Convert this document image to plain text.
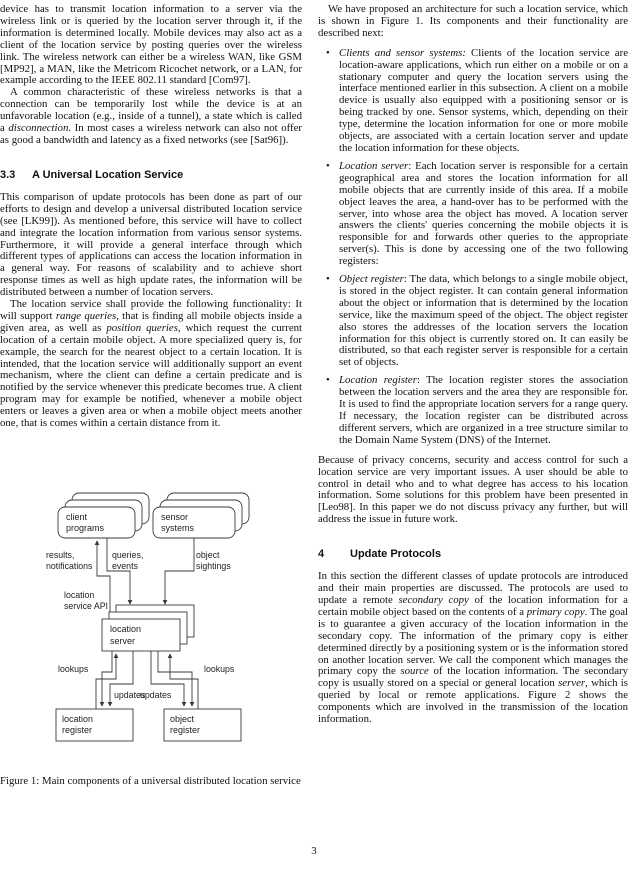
device has to transmit location information to a server via the wireless link or is queried by the location server through it, if the information is determined locally. Mobile devices may also act as a client of the location service by posting queries over the wireless link. The wireless network can either be a wireless WAN, like GSM [MP92], a MAN, like the Metricom Ricochet network, or a LAN, for example according to the IEEE 802.11 standard [Com97].

A common characteristic of these wireless networks is that a connection can be temporarily lost while the device is at an unfavorable location (e.g., inside of a tunnel), a state which is called a disconnection. In most cases a wireless network can also not offer as good a bandwidth and latency as a fixed networks (see [Sat96]).

3.3 A Universal Location Service

This comparison of update protocols has been done as part of our efforts to design and develop a universal distributed location service (see [LK99]). As mentioned before, this service will have to collect and integrate the location information from various sensor systems. Furthermore, it will provide a general interface through which different types of applications can access the location information in a general way. For reasons of scalability and to achieve short response times as well as high update rates, the information will be distributed between a number of location servers.

The location service shall provide the following functionality: It will support range queries, that is finding all mobile objects inside a given area, as well as position queries, which request the current location of a certain mobile object. A more specialized query is, for example, the search for the nearest object to a certain location. It is intended, that the location service will additionally support an event mechanism, where the client can define a certain predicate and is notified by the service whenever this predicate becomes true. A client program may for example be notified, whenever a mobile object enters or leaves a given area or when a mobile object meets another one, that is comes within a certain distance from it.

client
programs
sensor
systems
results,
notifications
queries,
events
object
sightings
location
service API
location
server
lookups	lookups
updates
updates
location
register
object
register
Figure 1: Main components of a universal distributed location service

We have proposed an architecture for such a location service, which is shown in Figure 1. Its components and their functionality are described next:

• Clients and sensor systems: Clients of the location service are location-aware applications, which run either on a mobile or on a stationary computer and query the location servers using the interface mentioned earlier in this subsection. A client on a mobile device is usually also equipped with a positioning sensor or is being tracked by one. Sensor systems, which, depending on their type, determine the location information for one or more mobile objects, are associated with a certain location server and update the location information for these objects.
• Location server: Each location server is responsible for a certain geographical area and stores the location information for all mobile objects that are currently inside of this area. If a mobile object leaves the area, a hand-over has to be performed with the server, into whose area the object has moved. A location server answers the clients' queries concerning the mobile objects it is responsible for and forwards other queries to the appropriate server(s). This is done by accessing one of the two following registers:
• Object register: The data, which belongs to a single mobile object, is stored in the object register. It can contain general information about the object or information that is determined by the location service, like the maximum speed of the object. The object register also stores the addresses of the location servers the location information for this object is currently stored on. It can easily be distributed, so that each register server is responsible for a certain set of objects.
• Location register: The location register stores the association between the location servers and the area they are responsible for. It is used to find the appropriate location servers for a range query. If necessary, the location register can be distributed across different servers, which are organized in a tree structure similar to the Domain Name System (DNS) of the Internet.

Because of privacy concerns, security and access control for such a location service are very important issues. A user should be able to control in detail who and to what degree has access to his location information. Some solutions for this problem have been presented in [Leo98]. In this paper we do not discuss privacy any further, but will address the issue in future work.

4 Update Protocols

In this section the different classes of update protocols are introduced and their main properties are discussed. The protocols are used to update a remote secondary copy of the location information for a certain mobile object based on the contents of a primary copy. The goal is to guarantee a given accuracy of the location information in the secondary copy. The information of the primary copy is either determined directly by a positioning system or is the information stored on another location server. We call the component which manages the primary copy the source of the location information. The secondary copy is usually stored on a special or general location server, which is queried by local or remote applications. Figure 2 shows the components which are involved in the transmission of the location information.

3
